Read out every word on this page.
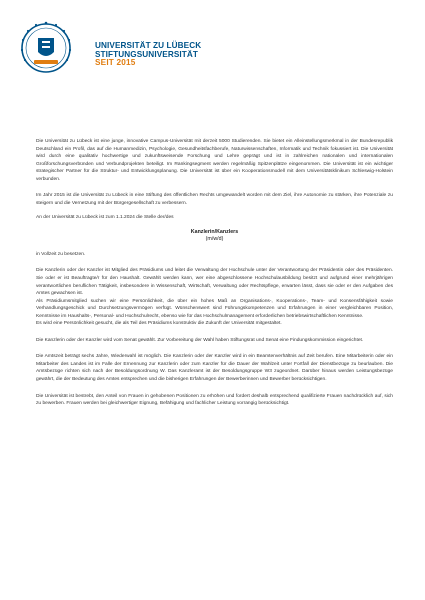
UNIVERSITÄT ZU LÜBECK
STIFTUNGSUNIVERSITÄT
SEIT 2015

Die Universität zu Lübeck ist eine junge, innovative Campus-Universität mit derzeit 5000 Studierenden. Sie bietet ein Alleinstellungsmerkmal in der Bundesrepublik Deutschland ein Profil, das auf die Humanmedizin, Psychologie, Gesundheitsfachberufe, Naturwissenschaften, Informatik und Technik fokussiert ist. Die Universität wird durch eine qualitativ hochwertige und zukunftsweisende Forschung und Lehre geprägt und ist in zahlreichen nationalen und internationalen Großforschungsverbünden und Verbundprojekten beteiligt. Im Rankingsegment werden regelmäßig Spitzenplätze eingenommen. Die Universität ist ein wichtiger strategischer Partner für die Struktur- und Entwicklungsplanung. Die Universität ist über ein Kooperationsmodell mit dem Universitätsklinikum Schleswig-Holstein verbunden.

Im Jahr 2015 ist die Universität zu Lübeck in eine Stiftung des öffentlichen Rechts umgewandelt worden mit dem Ziel, ihre Autonomie zu stärken, ihre Potenziale zu steigern und die Vernetzung mit der Bürgergesellschaft zu verbessern.

An der Universität zu Lübeck ist zum 1.1.2024 die Stelle der/des

Kanzlerin/Kanzlers
(m/w/d)

in Vollzeit zu besetzen.

Die Kanzlerin oder der Kanzler ist Mitglied des Präsidiums und leitet die Verwaltung der Hochschule unter der Verantwortung der Präsidentin oder des Präsidenten. Sie oder er ist Beauftragte/r für den Haushalt. Gewählt werden kann, wer eine abgeschlossene Hochschulausbildung besitzt und aufgrund einer mehrjährigen verantwortlichen beruflichen Tätigkeit, insbesondere in Wissenschaft, Wirtschaft, Verwaltung oder Rechtspflege, erwarten lässt, dass sie oder er den Aufgaben des Amtes gewachsen ist.

Als Präsidiumsmitglied suchen wir eine Persönlichkeit, die über ein hohes Maß an Organisations-, Kooperations-, Team- und Konsensfähigkeit sowie Verhandlungsgeschick und Durchsetzungsvermögen verfügt. Wünschenswert sind Führungskompetenzen und Erfahrungen in einer vergleichbaren Position, Kenntnisse im Haushalts-, Personal- und Hochschulrecht, ebenso wie für das Hochschulmanagement erforderlichen betriebswirtschaftlichen Kenntnisse.

Es wird eine Persönlichkeit gesucht, die als Teil des Präsidiums konstruktiv die Zukunft der Universität mitgestaltet.

Die Kanzlerin oder der Kanzler wird vom Senat gewählt. Zur Vorbereitung der Wahl haben Stiftungsrat und Senat eine Findungskommission eingerichtet.

Die Amtszeit beträgt sechs Jahre, Wiederwahl ist möglich. Die Kanzlerin oder der Kanzler wird in ein Beamtenverhältnis auf Zeit berufen. Eine Mitarbeiterin oder ein Mitarbeiter des Landes ist im Falle der Ernennung zur Kanzlerin oder zum Kanzler für die Dauer der Wahlzeit unter Fortfall der Dienstbezüge zu beurlauben. Die Amtsbezüge richten sich nach der Besoldungsordnung W. Das Kanzleramt ist der Besoldungsgruppe W3 zugeordnet. Darüber hinaus werden Leistungsbezüge gewährt, die der Bedeutung des Amtes entsprechen und die bisherigen Erfahrungen der Bewerberinnen und Bewerber berücksichtigen.

Die Universität ist bestrebt, den Anteil von Frauen in gehobenen Positionen zu erhöhen und fordert deshalb entsprechend qualifizierte Frauen nachdrücklich auf, sich zu bewerben. Frauen werden bei gleichwertiger Eignung, Befähigung und fachlicher Leistung vorrangig berücksichtigt.
